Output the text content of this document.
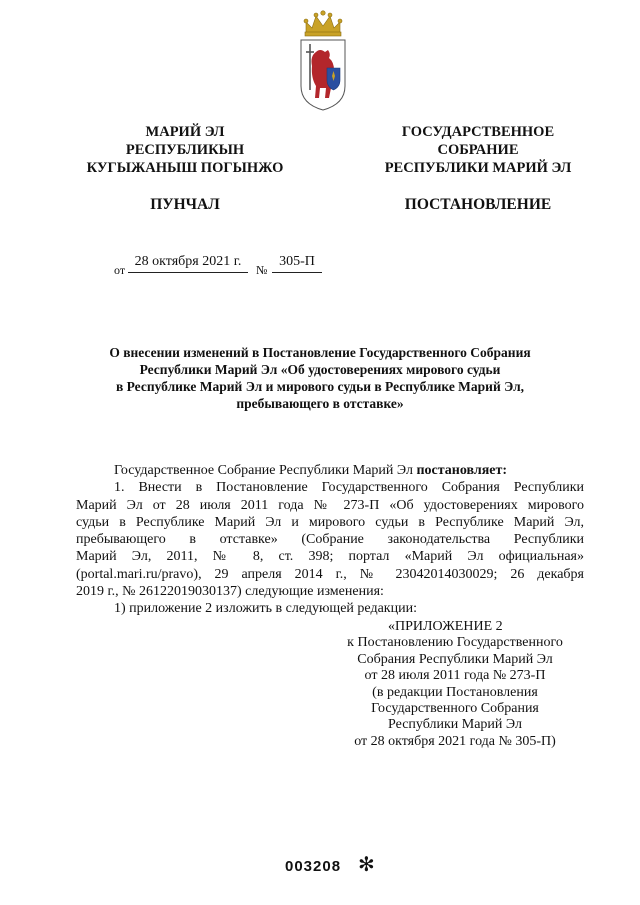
МАРИЙ ЭЛ
РЕСПУБЛИКЫН
КУГЫЖАНЫШ ПОГЫНЖО
ГОСУДАРСТВЕННОЕ
СОБРАНИЕ
РЕСПУБЛИКИ МАРИЙ ЭЛ
ПУНЧАЛ	ПОСТАНОВЛЕНИЕ
от
28 октября 2021 г.
№
305-П
О внесении изменений в Постановление Государственного Собрания
Республики Марий Эл «Об удостоверениях мирового судьи
в Республике Марий Эл и мирового судьи в Республике Марий Эл,
пребывающего в отставке»
Государственное Собрание Республики Марий Эл постановляет:
1. Внести в Постановление Государственного Собрания Республики
Марий Эл от 28 июля 2011 года № 273-П «Об удостоверениях мирового
судьи в Республике Марий Эл и мирового судьи в Республике Марий Эл,
пребывающего в отставке» (Собрание законодательства Республики
Марий Эл, 2011, № 8, ст. 398; портал «Марий Эл официальная»
(portal.mari.ru/pravo), 29 апреля 2014 г., № 23042014030029; 26 декабря
2019 г., № 26122019030137) следующие изменения:
1) приложение 2 изложить в следующей редакции:
«ПРИЛОЖЕНИЕ 2
к Постановлению Государственного
Собрания Республики Марий Эл
от 28 июля 2011 года № 273-П
(в редакции Постановления
Государственного Собрания
Республики Марий Эл
от 28 октября 2021 года № 305-П)
003208 ✻
